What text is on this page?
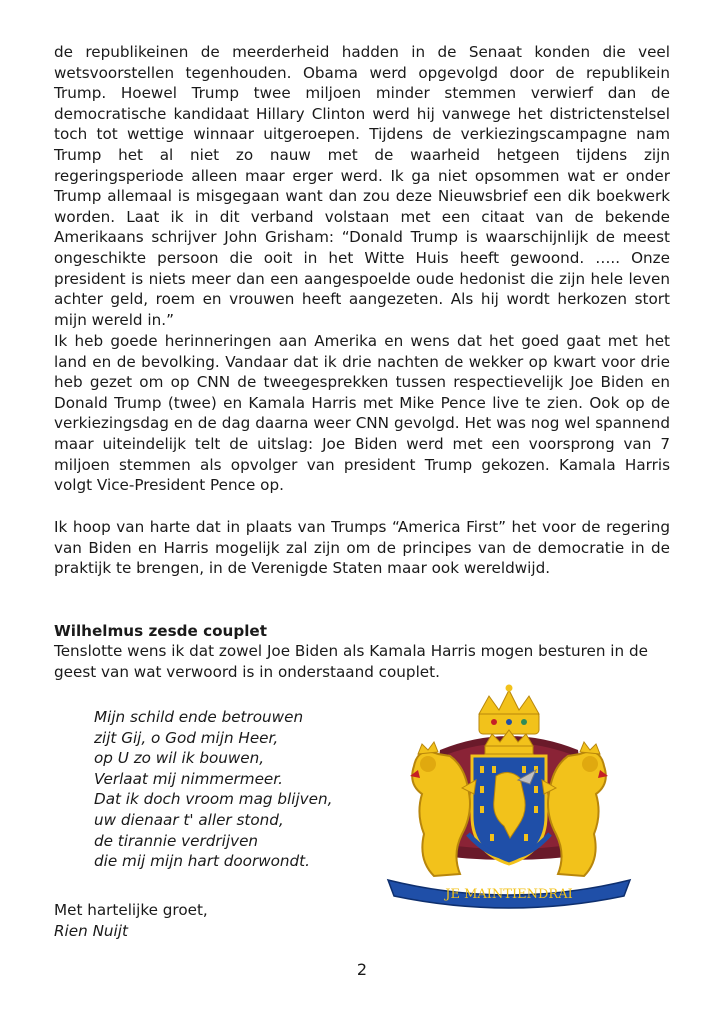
de republikeinen de meerderheid hadden in de Senaat konden die veel wetsvoorstellen tegenhouden. Obama werd opgevolgd door de republikein Trump. Hoewel Trump twee miljoen minder stemmen verwierf dan de democratische kandidaat Hillary Clinton werd hij vanwege het districtenstelsel toch tot wettige winnaar uitgeroepen. Tijdens de verkiezingscampagne nam Trump het al niet zo nauw met de waarheid hetgeen tijdens zijn regeringsperiode alleen maar erger werd. Ik ga niet opsommen wat er onder Trump allemaal is misgegaan want dan zou deze Nieuwsbrief een dik boekwerk worden. Laat ik in dit verband volstaan met een citaat van de bekende Amerikaans schrijver John Grisham: “Donald Trump is waarschijnlijk de meest ongeschikte persoon die ooit in het Witte Huis heeft gewoond. ….. Onze president is niets meer dan een aangespoelde oude hedonist die zijn hele leven achter geld, roem en vrouwen heeft aangezeten. Als hij wordt herkozen stort mijn wereld in.”

Ik heb goede herinneringen aan Amerika en wens dat het goed gaat met het land en de bevolking. Vandaar dat ik drie nachten de wekker op kwart voor drie heb gezet om op CNN de tweegesprekken tussen respectievelijk Joe Biden en Donald Trump (twee) en Kamala Harris met Mike Pence live te zien. Ook op de verkiezingsdag en de dag daarna weer CNN gevolgd. Het was nog wel spannend maar uiteindelijk telt de uitslag: Joe Biden werd met een voorsprong van 7 miljoen stemmen als opvolger van president Trump gekozen. Kamala Harris volgt Vice-President Pence op.

Ik hoop van harte dat in plaats van Trumps “America First” het voor de regering van Biden en Harris mogelijk zal zijn om de principes van de democratie in de praktijk te brengen, in de Verenigde Staten maar ook wereldwijd.

Wilhelmus zesde couplet

Tenslotte wens ik dat zowel Joe Biden als Kamala Harris mogen besturen in de geest van wat verwoord is in onderstaand couplet.

Mijn schild ende betrouwen
zijt Gij, o God mijn Heer,
op U zo wil ik bouwen,
Verlaat mij nimmermeer.
Dat ik doch vroom mag blijven,
uw dienaar t' aller stond,
de tirannie verdrijven
die mij mijn hart doorwondt.
JE MAINTIENDRAI
Met hartelijke groet,
Rien Nuijt
2
